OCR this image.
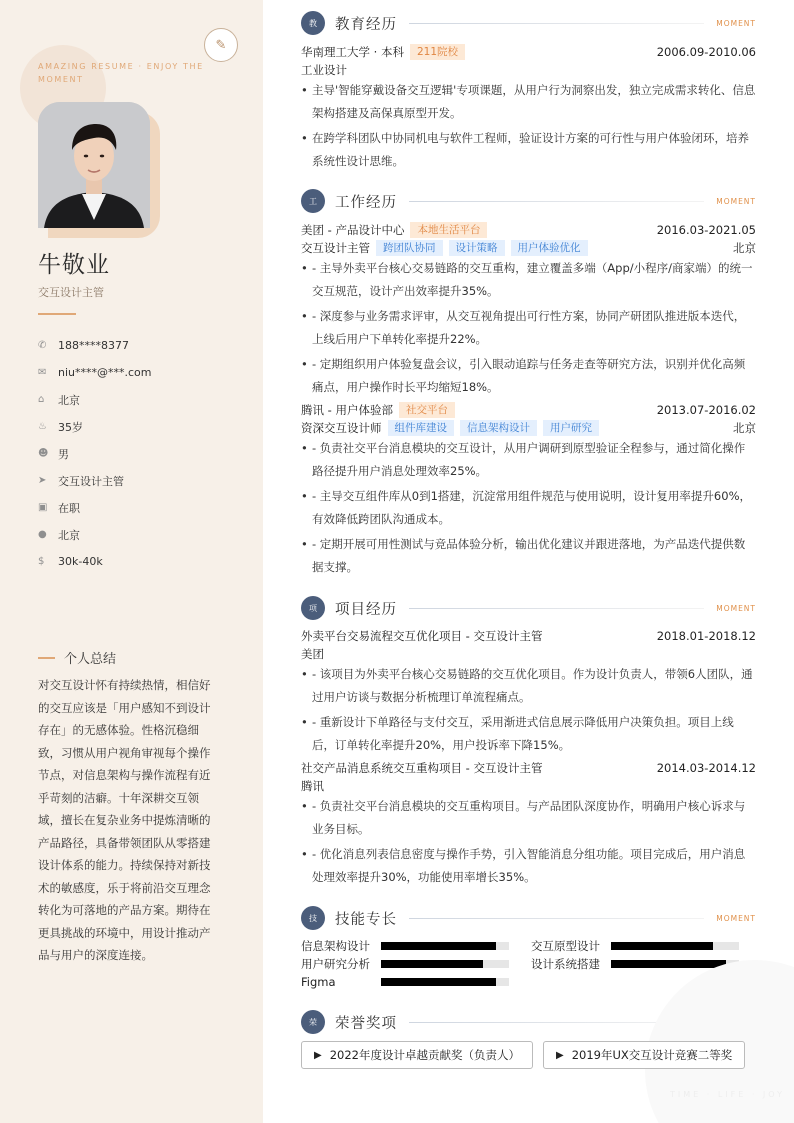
✎
AMAZING RESUME · ENJOY THE MOMENT
牛敬业
交互设计主管
✆	188****8377
✉	niu****@***.com
⌂	北京
♨	35岁
☻ 男
➤	交互设计主管
▣ 在职
●	北京
$	30k-40k
个人总结
对交互设计怀有持续热情，相信好的交互应该是「用户感知不到设计存在」的无感体验。性格沉稳细致，习惯从用户视角审视每个操作节点，对信息架构与操作流程有近乎苛刻的洁癖。十年深耕交互领域，擅长在复杂业务中提炼清晰的产品路径，具备带领团队从零搭建设计体系的能力。持续保持对新技术的敏感度，乐于将前沿交互理念转化为可落地的产品方案。期待在更具挑战的环境中，用设计推动产品与用户的深度连接。
教	教育经历	MOMENT
华南理工大学 · 本科	211院校	2006.09-2010.06
工业设计
• 主导'智能穿戴设备交互逻辑'专项课题，从用户行为洞察出发，独立完成需求转化、信息架构搭建及高保真原型开发。
• 在跨学科团队中协同机电与软件工程师，验证设计方案的可行性与用户体验闭环，培养系统性设计思维。
工	工作经历	MOMENT
美团 - 产品设计中心	本地生活平台	2016.03-2021.05
交互设计主管	跨团队协同	设计策略	用户体验优化	北京
• - 主导外卖平台核心交易链路的交互重构，建立覆盖多端（App/小程序/商家端）的统一交互规范，设计产出效率提升35%。
• - 深度参与业务需求评审，从交互视角提出可行性方案，协同产研团队推进版本迭代，上线后用户下单转化率提升22%。
• - 定期组织用户体验复盘会议，引入眼动追踪与任务走查等研究方法，识别并优化高频痛点，用户操作时长平均缩短18%。
腾讯 - 用户体验部	社交平台	2013.07-2016.02
资深交互设计师	组件库建设	信息架构设计	用户研究	北京
• - 负责社交平台消息模块的交互设计，从用户调研到原型验证全程参与，通过简化操作路径提升用户消息处理效率25%。
• - 主导交互组件库从0到1搭建，沉淀常用组件规范与使用说明，设计复用率提升60%，有效降低跨团队沟通成本。
• - 定期开展可用性测试与竞品体验分析，输出优化建议并跟进落地，为产品迭代提供数据支撑。
项	项目经历	MOMENT
外卖平台交易流程交互优化项目 - 交互设计主管	2018.01-2018.12
美团
• - 该项目为外卖平台核心交易链路的交互优化项目。作为设计负责人，带领6人团队，通过用户访谈与数据分析梳理订单流程痛点。
• - 重新设计下单路径与支付交互，采用渐进式信息展示降低用户决策负担。项目上线后，订单转化率提升20%，用户投诉率下降15%。
社交产品消息系统交互重构项目 - 交互设计主管	2014.03-2014.12
腾讯
• - 负责社交平台消息模块的交互重构项目。与产品团队深度协作，明确用户核心诉求与业务目标。
• - 优化消息列表信息密度与操作手势，引入智能消息分组功能。项目完成后，用户消息处理效率提升30%，功能使用率增长35%。
技	技能专长	MOMENT
信息架构设计	交互原型设计
用户研究分析	设计系统搭建
Figma
荣	荣誉奖项
▶ 2022年度设计卓越贡献奖（负责人）	▶ 2019年UX交互设计竞赛二等奖
TIME · LIFE · JOY
